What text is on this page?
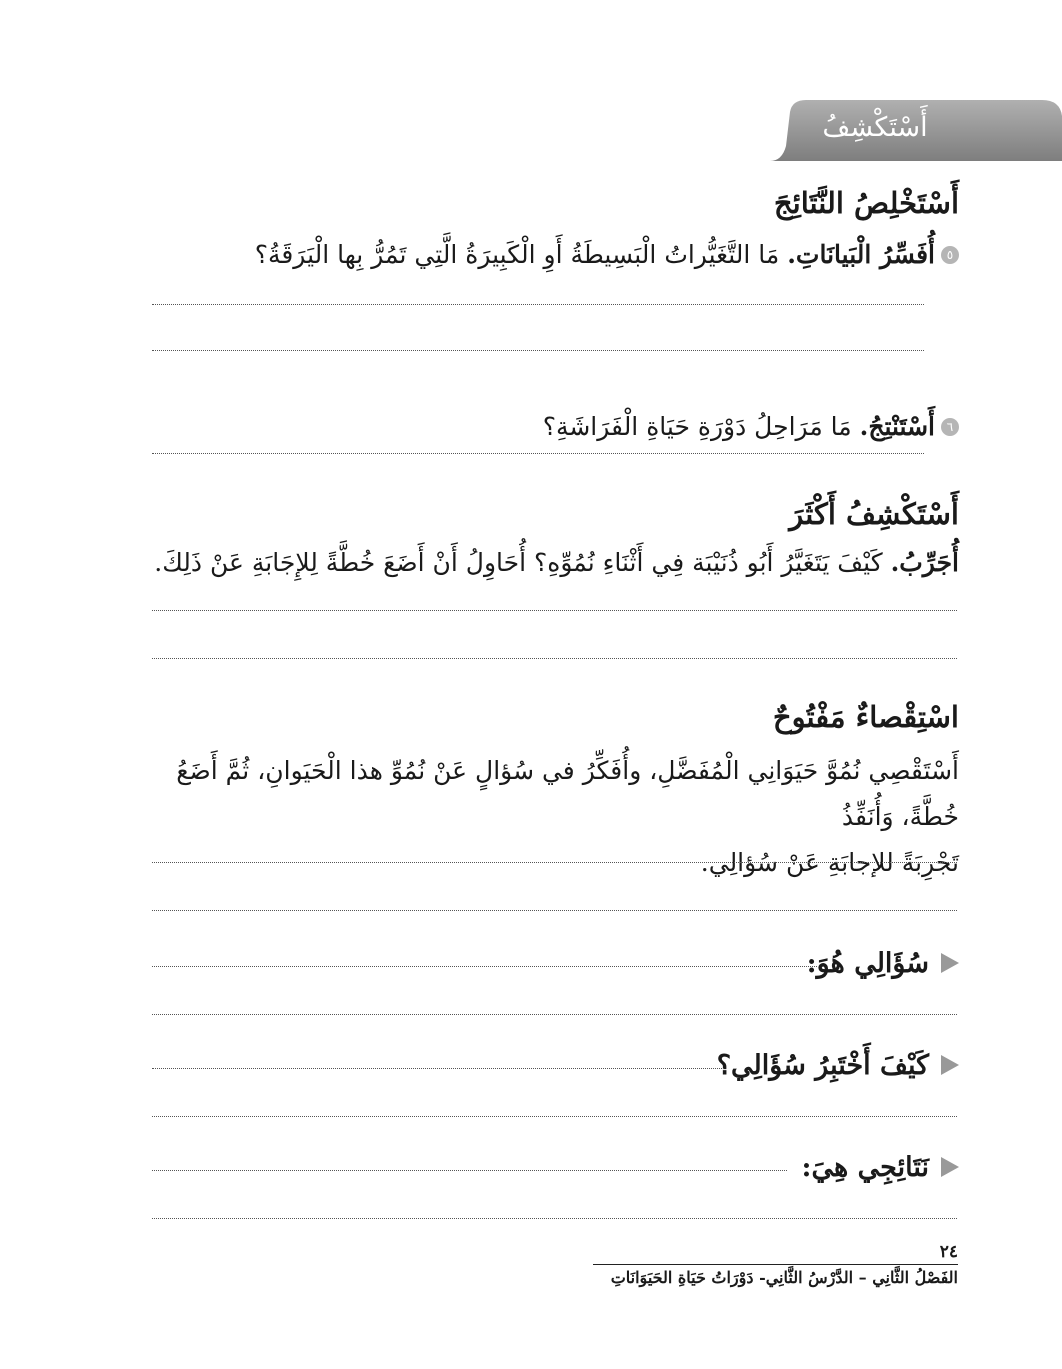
أَسْتَكْشِفُ
أَسْتَخْلِصُ النَّتَائِجَ
٥أُفَسِّرُ الْبَيانَاتِ. مَا التَّغَيُّراتُ الْبَسِيطَةُ أَوِ الْكَبِيرَةُ الَّتِي تَمُرُّ بِها الْيَرَقَةُ؟
٦أَسْتَنْتِجُ. مَا مَرَاحِلُ دَوْرَةِ حَيَاةِ الْفَرَاشَةِ؟
أَسْتَكْشِفُ أَكْثَرَ
أُجَرِّبُ. كَيْفَ يَتَغَيَّرُ أَبُو ذُنَيْبَة فِي أَثْنَاءِ نُمُوِّهِ؟ أُحَاوِلُ أَنْ أَضَعَ خُطَّةً لِلإِجَابَةِ عَنْ ذَلِكَ.
اسْتِقْصاءٌ مَفْتُوحٌ
أَسْتَقْصِي نُمُوَّ حَيَوَانِي الْمُفَضَّلِ، وأُفَكِّرُ في سُؤالٍ عَنْ نُمُوِّ هذا الْحَيَوانِ، ثُمَّ أَضَعُ خُطَّةً، وَأُنَفِّذُ
تَجْرِبَةً للإجابَةِ عَنْ سُؤالِي.
سُؤَالِي هُوَ:
كَيْفَ أَخْتَبِرُ سُؤَالِي؟
نَتَائِجِي هِيَ:
٢٤
الفَصْلُ الثَّانِي – الدَّرْسُ الثَّانِي- دَوْرَاتُ حَيَاةِ الحَيَوَانَاتِ
